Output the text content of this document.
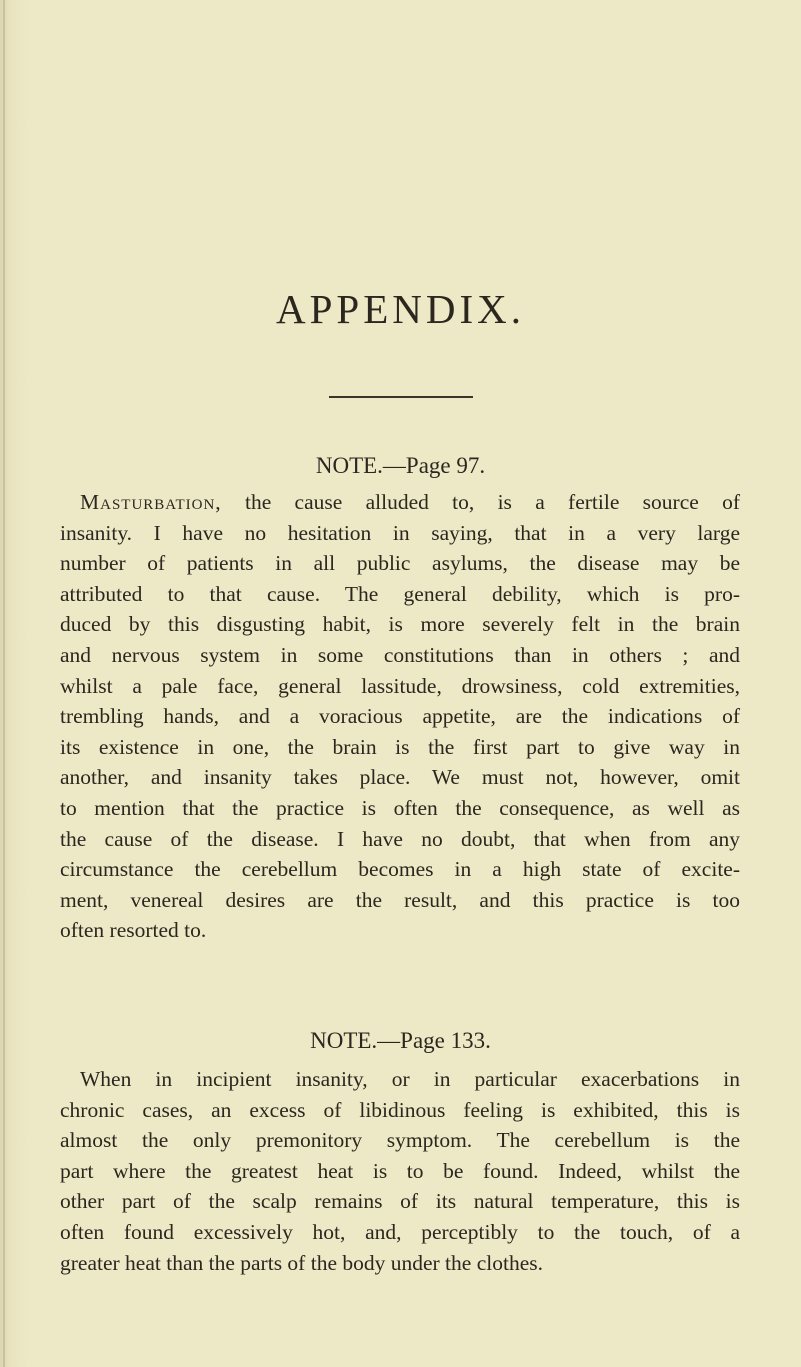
APPENDIX.
NOTE.—Page 97.
Masturbation, the cause alluded to, is a fertile source of
insanity. I have no hesitation in saying, that in a very large
number of patients in all public asylums, the disease may be
attributed to that cause. The general debility, which is pro-
duced by this disgusting habit, is more severely felt in the brain
and nervous system in some constitutions than in others ; and
whilst a pale face, general lassitude, drowsiness, cold extremities,
trembling hands, and a voracious appetite, are the indications of
its existence in one, the brain is the first part to give way in
another, and insanity takes place. We must not, however, omit
to mention that the practice is often the consequence, as well as
the cause of the disease. I have no doubt, that when from any
circumstance the cerebellum becomes in a high state of excite-
ment, venereal desires are the result, and this practice is too
often resorted to.
NOTE.—Page 133.
When in incipient insanity, or in particular exacerbations in
chronic cases, an excess of libidinous feeling is exhibited, this is
almost the only premonitory symptom. The cerebellum is the
part where the greatest heat is to be found. Indeed, whilst the
other part of the scalp remains of its natural temperature, this is
often found excessively hot, and, perceptibly to the touch, of a
greater heat than the parts of the body under the clothes.
